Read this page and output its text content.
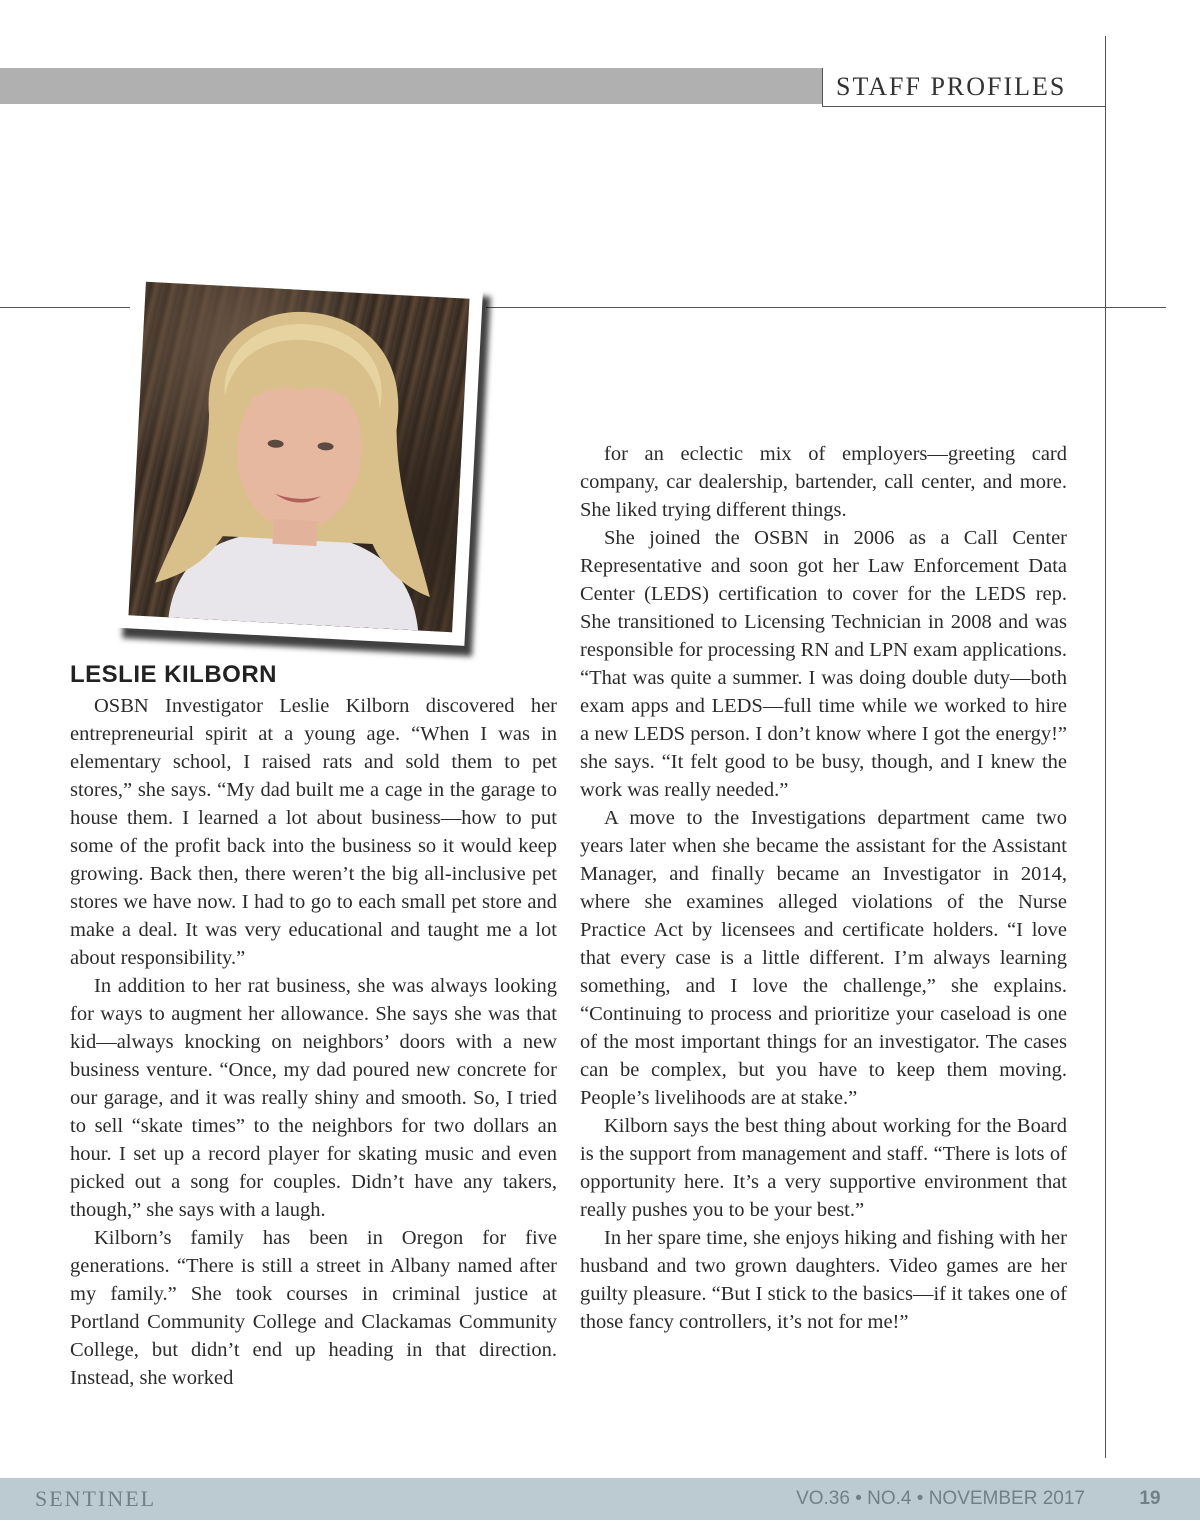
STAFF PROFILES
LESLIE KILBORN

OSBN Investigator Leslie Kilborn discovered her entrepreneurial spirit at a young age. “When I was in elementary school, I raised rats and sold them to pet stores,” she says. “My dad built me a cage in the garage to house them. I learned a lot about business—how to put some of the profit back into the business so it would keep growing. Back then, there weren’t the big all-inclusive pet stores we have now. I had to go to each small pet store and make a deal. It was very educational and taught me a lot about responsibility.”

In addition to her rat business, she was always looking for ways to augment her allowance. She says she was that kid—always knocking on neighbors’ doors with a new business venture. “Once, my dad poured new concrete for our garage, and it was really shiny and smooth. So, I tried to sell “skate times” to the neighbors for two dollars an hour. I set up a record player for skating music and even picked out a song for couples. Didn’t have any takers, though,” she says with a laugh.

Kilborn’s family has been in Oregon for five generations. “There is still a street in Albany named after my family.” She took courses in criminal justice at Portland Community College and Clackamas Community College, but didn’t end up heading in that direction. Instead, she worked

for an eclectic mix of employers—greeting card company, car dealership, bartender, call center, and more. She liked trying different things.

She joined the OSBN in 2006 as a Call Center Representative and soon got her Law Enforcement Data Center (LEDS) certification to cover for the LEDS rep. She transitioned to Licensing Technician in 2008 and was responsible for processing RN and LPN exam applications. “That was quite a summer. I was doing double duty—both exam apps and LEDS—full time while we worked to hire a new LEDS person. I don’t know where I got the energy!” she says. “It felt good to be busy, though, and I knew the work was really needed.”

A move to the Investigations department came two years later when she became the assistant for the Assistant Manager, and finally became an Investigator in 2014, where she examines alleged violations of the Nurse Practice Act by licensees and certificate holders. “I love that every case is a little different. I’m always learning something, and I love the challenge,” she explains. “Continuing to process and prioritize your caseload is one of the most important things for an investigator. The cases can be complex, but you have to keep them moving. People’s livelihoods are at stake.”

Kilborn says the best thing about working for the Board is the support from management and staff. “There is lots of opportunity here. It’s a very supportive environment that really pushes you to be your best.”

In her spare time, she enjoys hiking and fishing with her husband and two grown daughters. Video games are her guilty pleasure. “But I stick to the basics—if it takes one of those fancy controllers, it’s not for me!”

SENTINEL	VO.36 • NO.4 • NOVEMBER 2017	19
